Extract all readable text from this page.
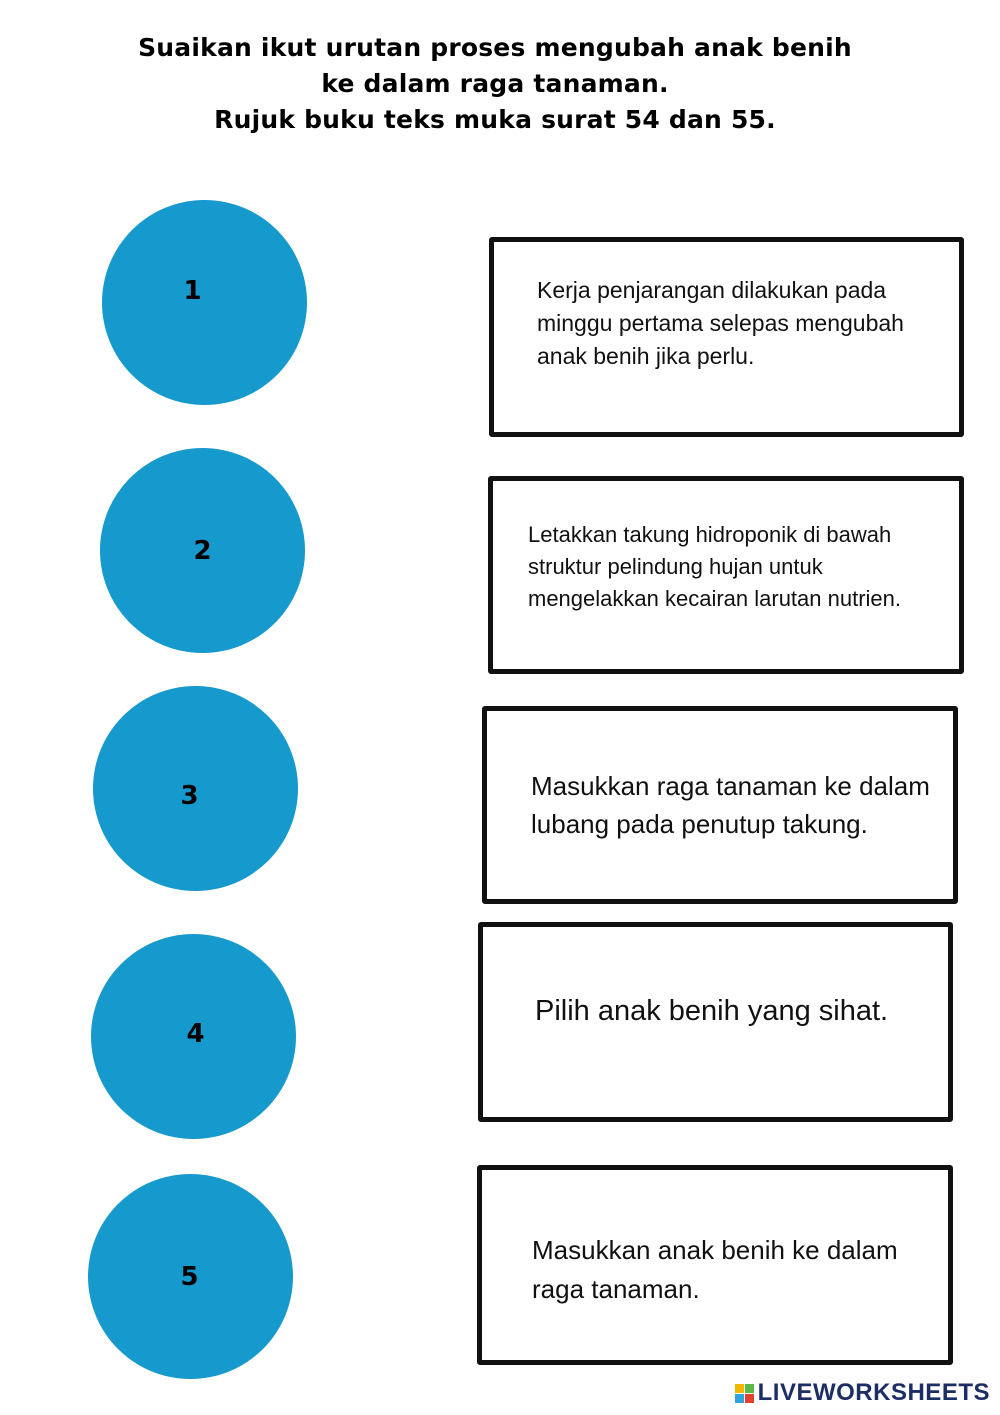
Suaikan ikut urutan proses mengubah anak benih
ke dalam raga tanaman.
Rujuk buku teks muka surat 54 dan 55.
1
2
3
4
5
Kerja penjarangan dilakukan pada
minggu pertama selepas mengubah
anak benih jika perlu.
Letakkan takung hidroponik di bawah
struktur pelindung hujan untuk
mengelakkan kecairan larutan nutrien.
Masukkan raga tanaman ke dalam
lubang pada penutup takung.
Pilih anak benih yang sihat.
Masukkan anak benih ke dalam
raga tanaman.
LIVEWORKSHEETS
